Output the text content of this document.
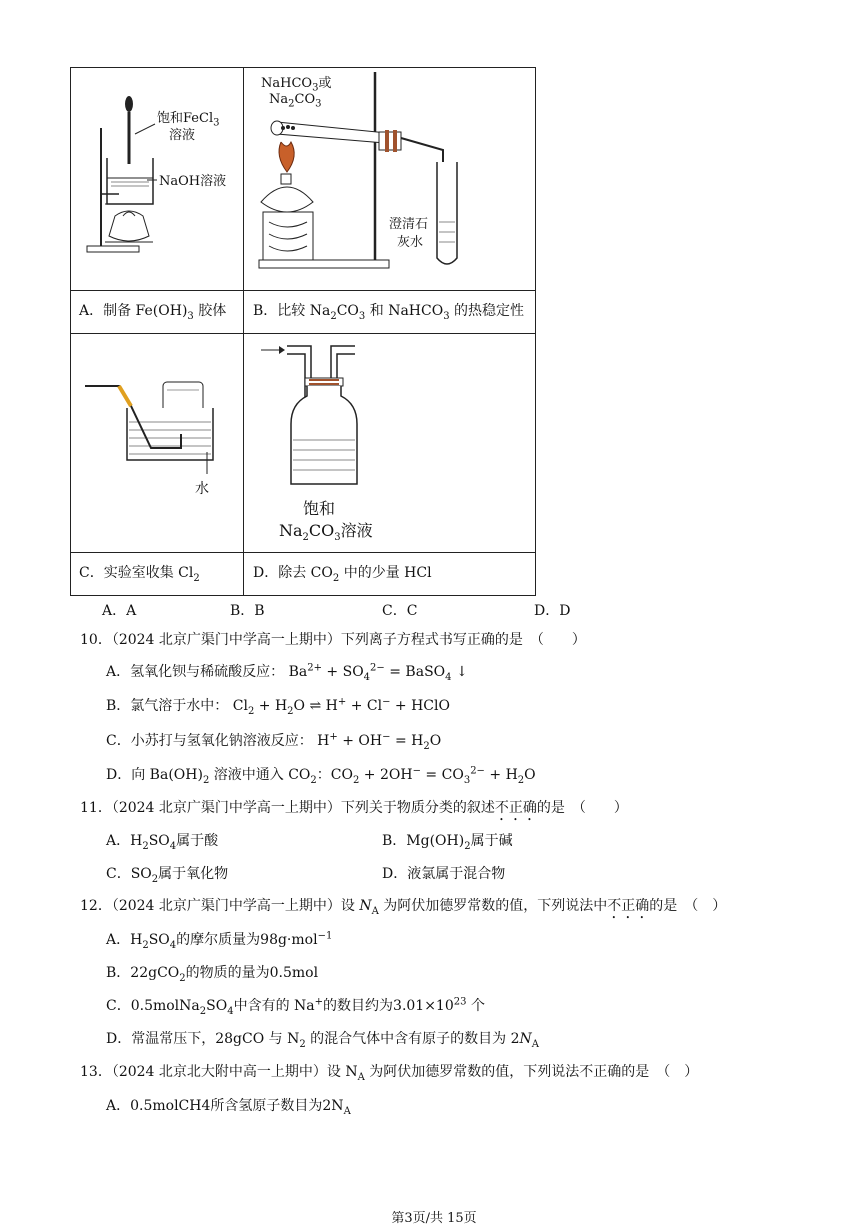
饱和FeCl$_3$
溶液
NaOH溶液
NaHCO$_3$或
$Na_2CO_3$
澄清石
灰水
A．制备 $Fe(OH)_3$ 胶体 B．比较 $Na_2CO_3$ 和 NaHCO$_3$ 的热稳定性
水
饱和
$Na_2CO_3$溶液
C．实验室收集 $Cl_2$	D．除去 $CO_2$ 中的少量 HCl
A．A	B．B	C．C	D．D
10．（2024 北京广渠门中学高一上期中）下列离子方程式书写正确的是　（　　）
A．氢氧化钡与稀硫酸反应： $Ba^{2+} + SO_4^{2-}$ = BaSO$_4$ ↓
B．氯气溶于水中： $Cl_2 + H_2O$ ⇌ H+ + Cl− + HClO
C．小苏打与氢氧化钠溶液反应： $H^+ + OH^- = H_2O$
D．向 $Ba(OH)_2$ 溶液中通入 $CO_2$：$CO_2 + 2OH^- = CO_3^{2-} + H_2O$
11．（2024 北京广渠门中学高一上期中）下列关于物质分类的叙述不正确的是　（　　）
A．$H_2SO_4$属于酸	B．$Mg(OH)_2$属于碱
C．$SO_2$属于氧化物	D．液氯属于混合物
12．（2024 北京广渠门中学高一上期中）设 $N_A$ 为阿伏加德罗常数的值，下列说法中不正确的是　（　）
A．$H_2SO_4$的摩尔质量为98g·mol$^{-1}$
B．22gCO$_2$的物质的量为0.5mol
C．$0.5molNa_2SO_4$中含有的 Na+的数目约为$3.01\times 10^{23}$ 个
D．常温常压下，28gCO 与 $N_2$ 的混合气体中含有原子的数目为 $2N_A$
13．（2024 北京北大附中高一上期中）设 $N_A$ 为阿伏加德罗常数的值，下列说法不正确的是　（　）
A．0.5molCH4所含氢原子数目为$2N_A$
第3页/共 15页
